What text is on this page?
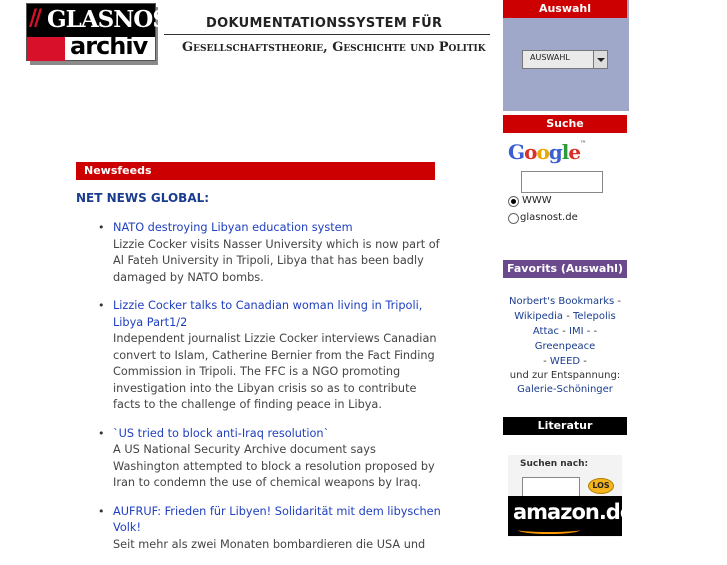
// GLASNOST
archiv
DOKUMENTATIONSSYSTEM FÜR
Gesellschaftstheorie, Geschichte und Politik
Newsfeeds
NET NEWS GLOBAL:
• NATO destroying Libyan education system
Lizzie Cocker visits Nasser University which is now part of Al Fateh University in Tripoli, Libya that has been badly damaged by NATO bombs.
• Lizzie Cocker talks to Canadian woman living in Tripoli, Libya Part1/2
Independent journalist Lizzie Cocker interviews Canadian convert to Islam, Catherine Bernier from the Fact Finding Commission in Tripoli. The FFC is a NGO promoting investigation into the Libyan crisis so as to contribute facts to the challenge of finding peace in Libya.
• `US tried to block anti-Iraq resolution`
A US National Security Archive document says Washington attempted to block a resolution proposed by Iran to condemn the use of chemical weapons by Iraq.
• AUFRUF: Frieden für Libyen! Solidarität mit dem libyschen Volk!
Seit mehr als zwei Monaten bombardieren die USA und
Auswahl
AUSWAHL
Suche
Google™
WWW
glasnost.de
Favorits (Auswahl)
Norbert's Bookmarks -
Wikipedia - Telepolis
Attac - IMI - - Greenpeace
- WEED -
und zur Entspannung:
Galerie-Schöninger
Literatur
Suchen nach:
LOS
amazon.de
